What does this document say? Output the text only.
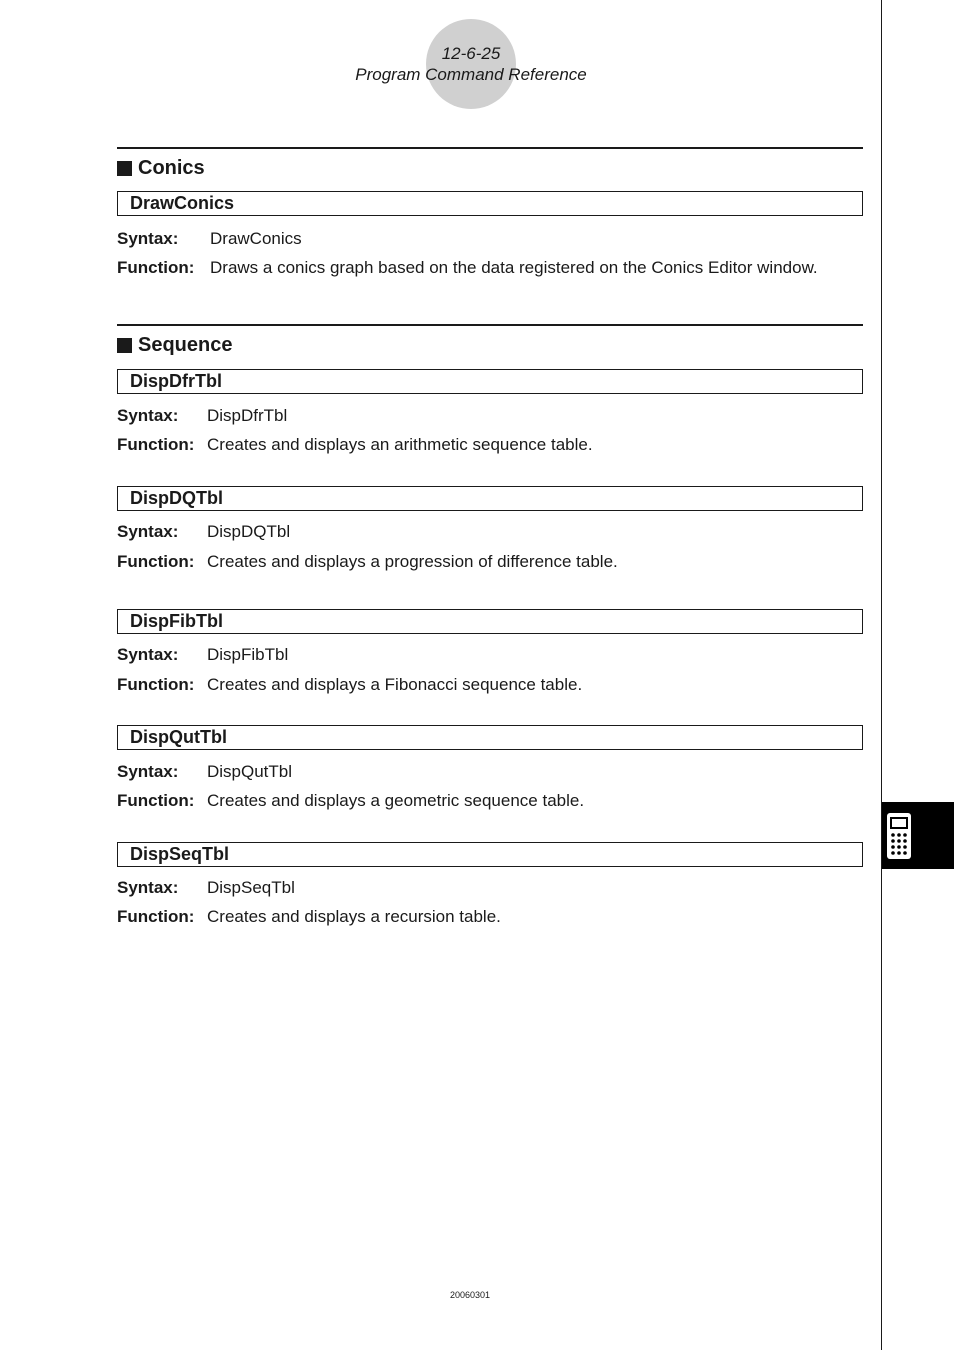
12-6-25
Program Command Reference
Conics
DrawConics
Syntax: DrawConics
Function: Draws a conics graph based on the data registered on the Conics Editor window.
Sequence
DispDfrTbl
Syntax: DispDfrTbl
Function: Creates and displays an arithmetic sequence table.
DispDQTbl
Syntax: DispDQTbl
Function: Creates and displays a progression of difference table.
DispFibTbl
Syntax: DispFibTbl
Function: Creates and displays a Fibonacci sequence table.
DispQutTbl
Syntax: DispQutTbl
Function: Creates and displays a geometric sequence table.
DispSeqTbl
Syntax: DispSeqTbl
Function: Creates and displays a recursion table.
20060301
